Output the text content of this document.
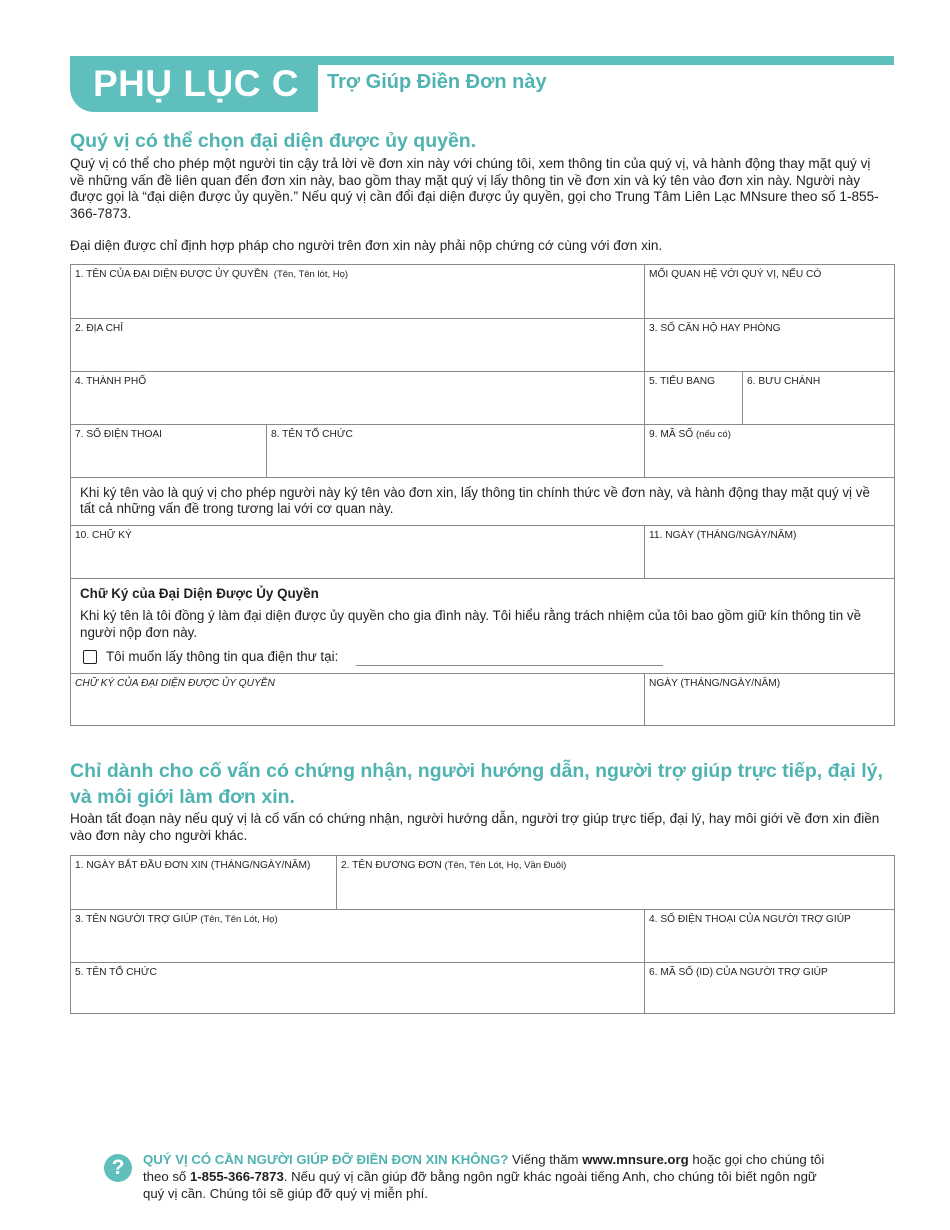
PHỤ LỤC C	Trợ Giúp Điền Đơn này
Quý vị có thể chọn đại diện được ủy quyền.
Quý vị có thể cho phép một người tin cậy trả lời về đơn xin này với chúng tôi, xem thông tin của quý vị, và hành động thay mặt quý vị về những vấn đề liên quan đến đơn xin này, bao gồm thay mặt quý vị lấy thông tin về đơn xin và ký tên vào đơn xin này. Người này được gọi là “đại diện được ủy quyền.” Nếu quý vị cần đổi đại diện được ủy quyền, gọi cho Trung Tâm Liên Lạc MNsure theo số 1-855-366-7873.
Đại diện được chỉ định hợp pháp cho người trên đơn xin này phải nộp chứng cớ cùng với đơn xin.
1. TÊN CỦA ĐẠI DIỆN ĐƯỢC ỦY QUYỀN (Tên, Tên lót, Họ)	MỐI QUAN HỆ VỚI QUÝ VỊ, NẾU CÓ
2. ĐỊA CHỈ	3. SỐ CĂN HỘ HAY PHÒNG
4. THÀNH PHỐ	5. TIỂU BANG	6. BƯU CHÁNH
7. SỐ ĐIỆN THOẠI	8. TÊN TỔ CHỨC	9. MÃ SỐ (nếu có)
Khi ký tên vào là quý vị cho phép người này ký tên vào đơn xin, lấy thông tin chính thức về đơn này, và hành động thay mặt quý vị về tất cả những vấn đề trong tương lai với cơ quan này.
10. CHỮ KÝ	11. NGÀY (THÁNG/NGÀY/NĂM)
Chữ Ký của Đại Diện Được Ủy Quyền
Khi ký tên là tôi đồng ý làm đại diện được ủy quyền cho gia đình này. Tôi hiểu rằng trách nhiệm của tôi bao gồm giữ kín thông tin về người nộp đơn này.
Tôi muốn lấy thông tin qua điện thư tại:
CHỮ KÝ CỦA ĐẠI DIỆN ĐƯỢC ỦY QUYỀN	NGÀY (THÁNG/NGÀY/NĂM)
Chỉ dành cho cố vấn có chứng nhận, người hướng dẫn, người trợ giúp trực tiếp, đại lý, và môi giới làm đơn xin.
Hoàn tất đoạn này nếu quý vị là cố vấn có chứng nhận, người hướng dẫn, người trợ giúp trực tiếp, đại lý, hay môi giới về đơn xin điền vào đơn này cho người khác.
1. NGÀY BẮT ĐẦU ĐƠN XIN (THÁNG/NGÀY/NĂM)	2. TÊN ĐƯƠNG ĐƠN (Tên, Tên Lót, Họ, Vần Đuôi)
3. TÊN NGƯỜI TRỢ GIÚP (Tên, Tên Lót, Họ)	4. SỐ ĐIỆN THOẠI CỦA NGƯỜI TRỢ GIÚP
5. TÊN TỔ CHỨC	6. MÃ SỐ (ID) CỦA NGƯỜI TRỢ GIÚP
?	QUÝ VỊ CÓ CẦN NGƯỜI GIÚP ĐỠ ĐIỀN ĐƠN XIN KHÔNG? Viếng thăm www.mnsure.org hoặc gọi cho chúng tôi theo số 1-855-366-7873. Nếu quý vị cần giúp đỡ bằng ngôn ngữ khác ngoài tiếng Anh, cho chúng tôi biết ngôn ngữ quý vị cần. Chúng tôi sẽ giúp đỡ quý vị miễn phí.
